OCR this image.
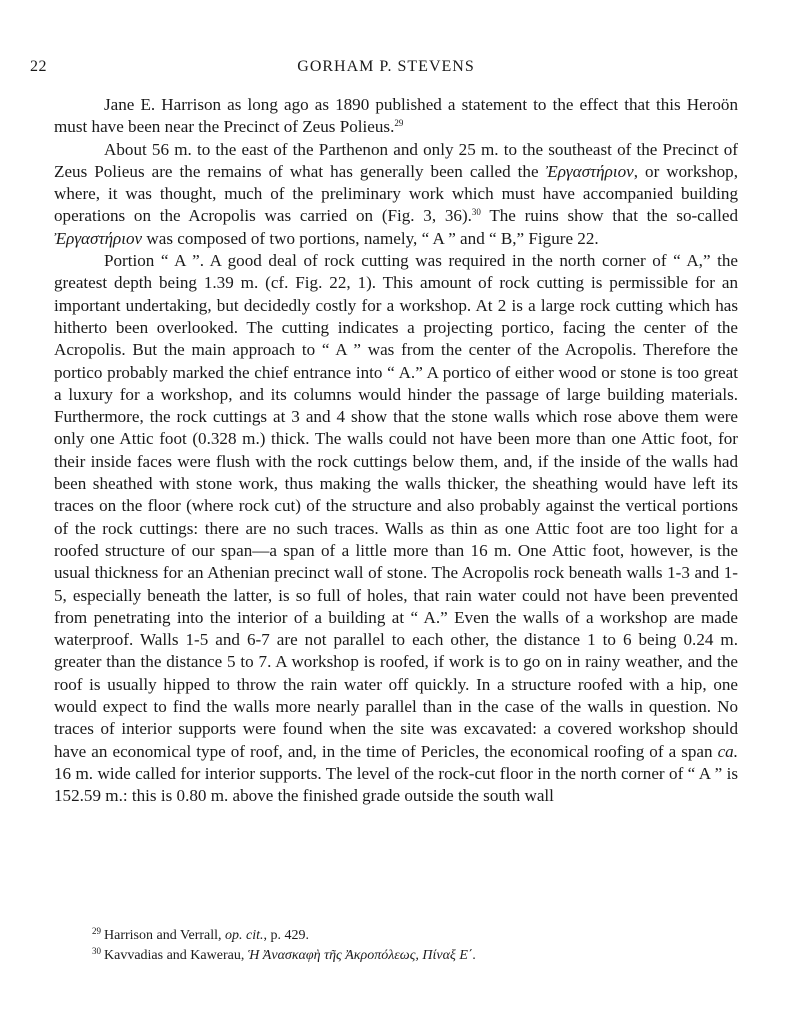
22	GORHAM P. STEVENS

Jane E. Harrison as long ago as 1890 published a statement to the effect that this Heroön must have been near the Precinct of Zeus Polieus.$^{29}$

About 56 m. to the east of the Parthenon and only 25 m. to the southeast of the Precinct of Zeus Polieus are the remains of what has generally been called the Ἐργαστήριον, or workshop, where, it was thought, much of the preliminary work which must have accompanied building operations on the Acropolis was carried on (Fig. 3, 36).$^{30}$ The ruins show that the so-called Ἐργαστήριον was composed of two portions, namely, “ A ” and “ B,” Figure 22.

Portion “ A ”. A good deal of rock cutting was required in the north corner of “ A,” the greatest depth being 1.39 m. (cf. Fig. 22, 1). This amount of rock cutting is permissible for an important undertaking, but decidedly costly for a workshop. At 2 is a large rock cutting which has hitherto been overlooked. The cutting indicates a projecting portico, facing the center of the Acropolis. But the main approach to “ A ” was from the center of the Acropolis. Therefore the portico probably marked the chief entrance into “ A.” A portico of either wood or stone is too great a luxury for a workshop, and its columns would hinder the passage of large building materials. Furthermore, the rock cuttings at 3 and 4 show that the stone walls which rose above them were only one Attic foot (0.328 m.) thick. The walls could not have been more than one Attic foot, for their inside faces were flush with the rock cuttings below them, and, if the inside of the walls had been sheathed with stone work, thus making the walls thicker, the sheathing would have left its traces on the floor (where rock cut) of the structure and also probably against the vertical portions of the rock cuttings: there are no such traces. Walls as thin as one Attic foot are too light for a roofed structure of our span—a span of a little more than 16 m. One Attic foot, however, is the usual thickness for an Athenian precinct wall of stone. The Acropolis rock beneath walls 1-3 and 1-5, especially beneath the latter, is so full of holes, that rain water could not have been prevented from penetrating into the interior of a building at “ A.” Even the walls of a workshop are made waterproof. Walls 1-5 and 6-7 are not parallel to each other, the distance 1 to 6 being 0.24 m. greater than the distance 5 to 7. A workshop is roofed, if work is to go on in rainy weather, and the roof is usually hipped to throw the rain water off quickly. In a structure roofed with a hip, one would expect to find the walls more nearly parallel than in the case of the walls in question. No traces of interior supports were found when the site was excavated: a covered workshop should have an economical type of roof, and, in the time of Pericles, the economical roofing of a span ca. 16 m. wide called for interior supports. The level of the rock-cut floor in the north corner of “ A ” is 152.59 m.: this is 0.80 m. above the finished grade outside the south wall

$^{29}$ Harrison and Verrall, op. cit., p. 429.

$^{30}$ Kavvadias and Kawerau, Ἡ Ἀνασκαφὴ τῆς Ἀκροπόλεως, Πίναξ Ε΄.
